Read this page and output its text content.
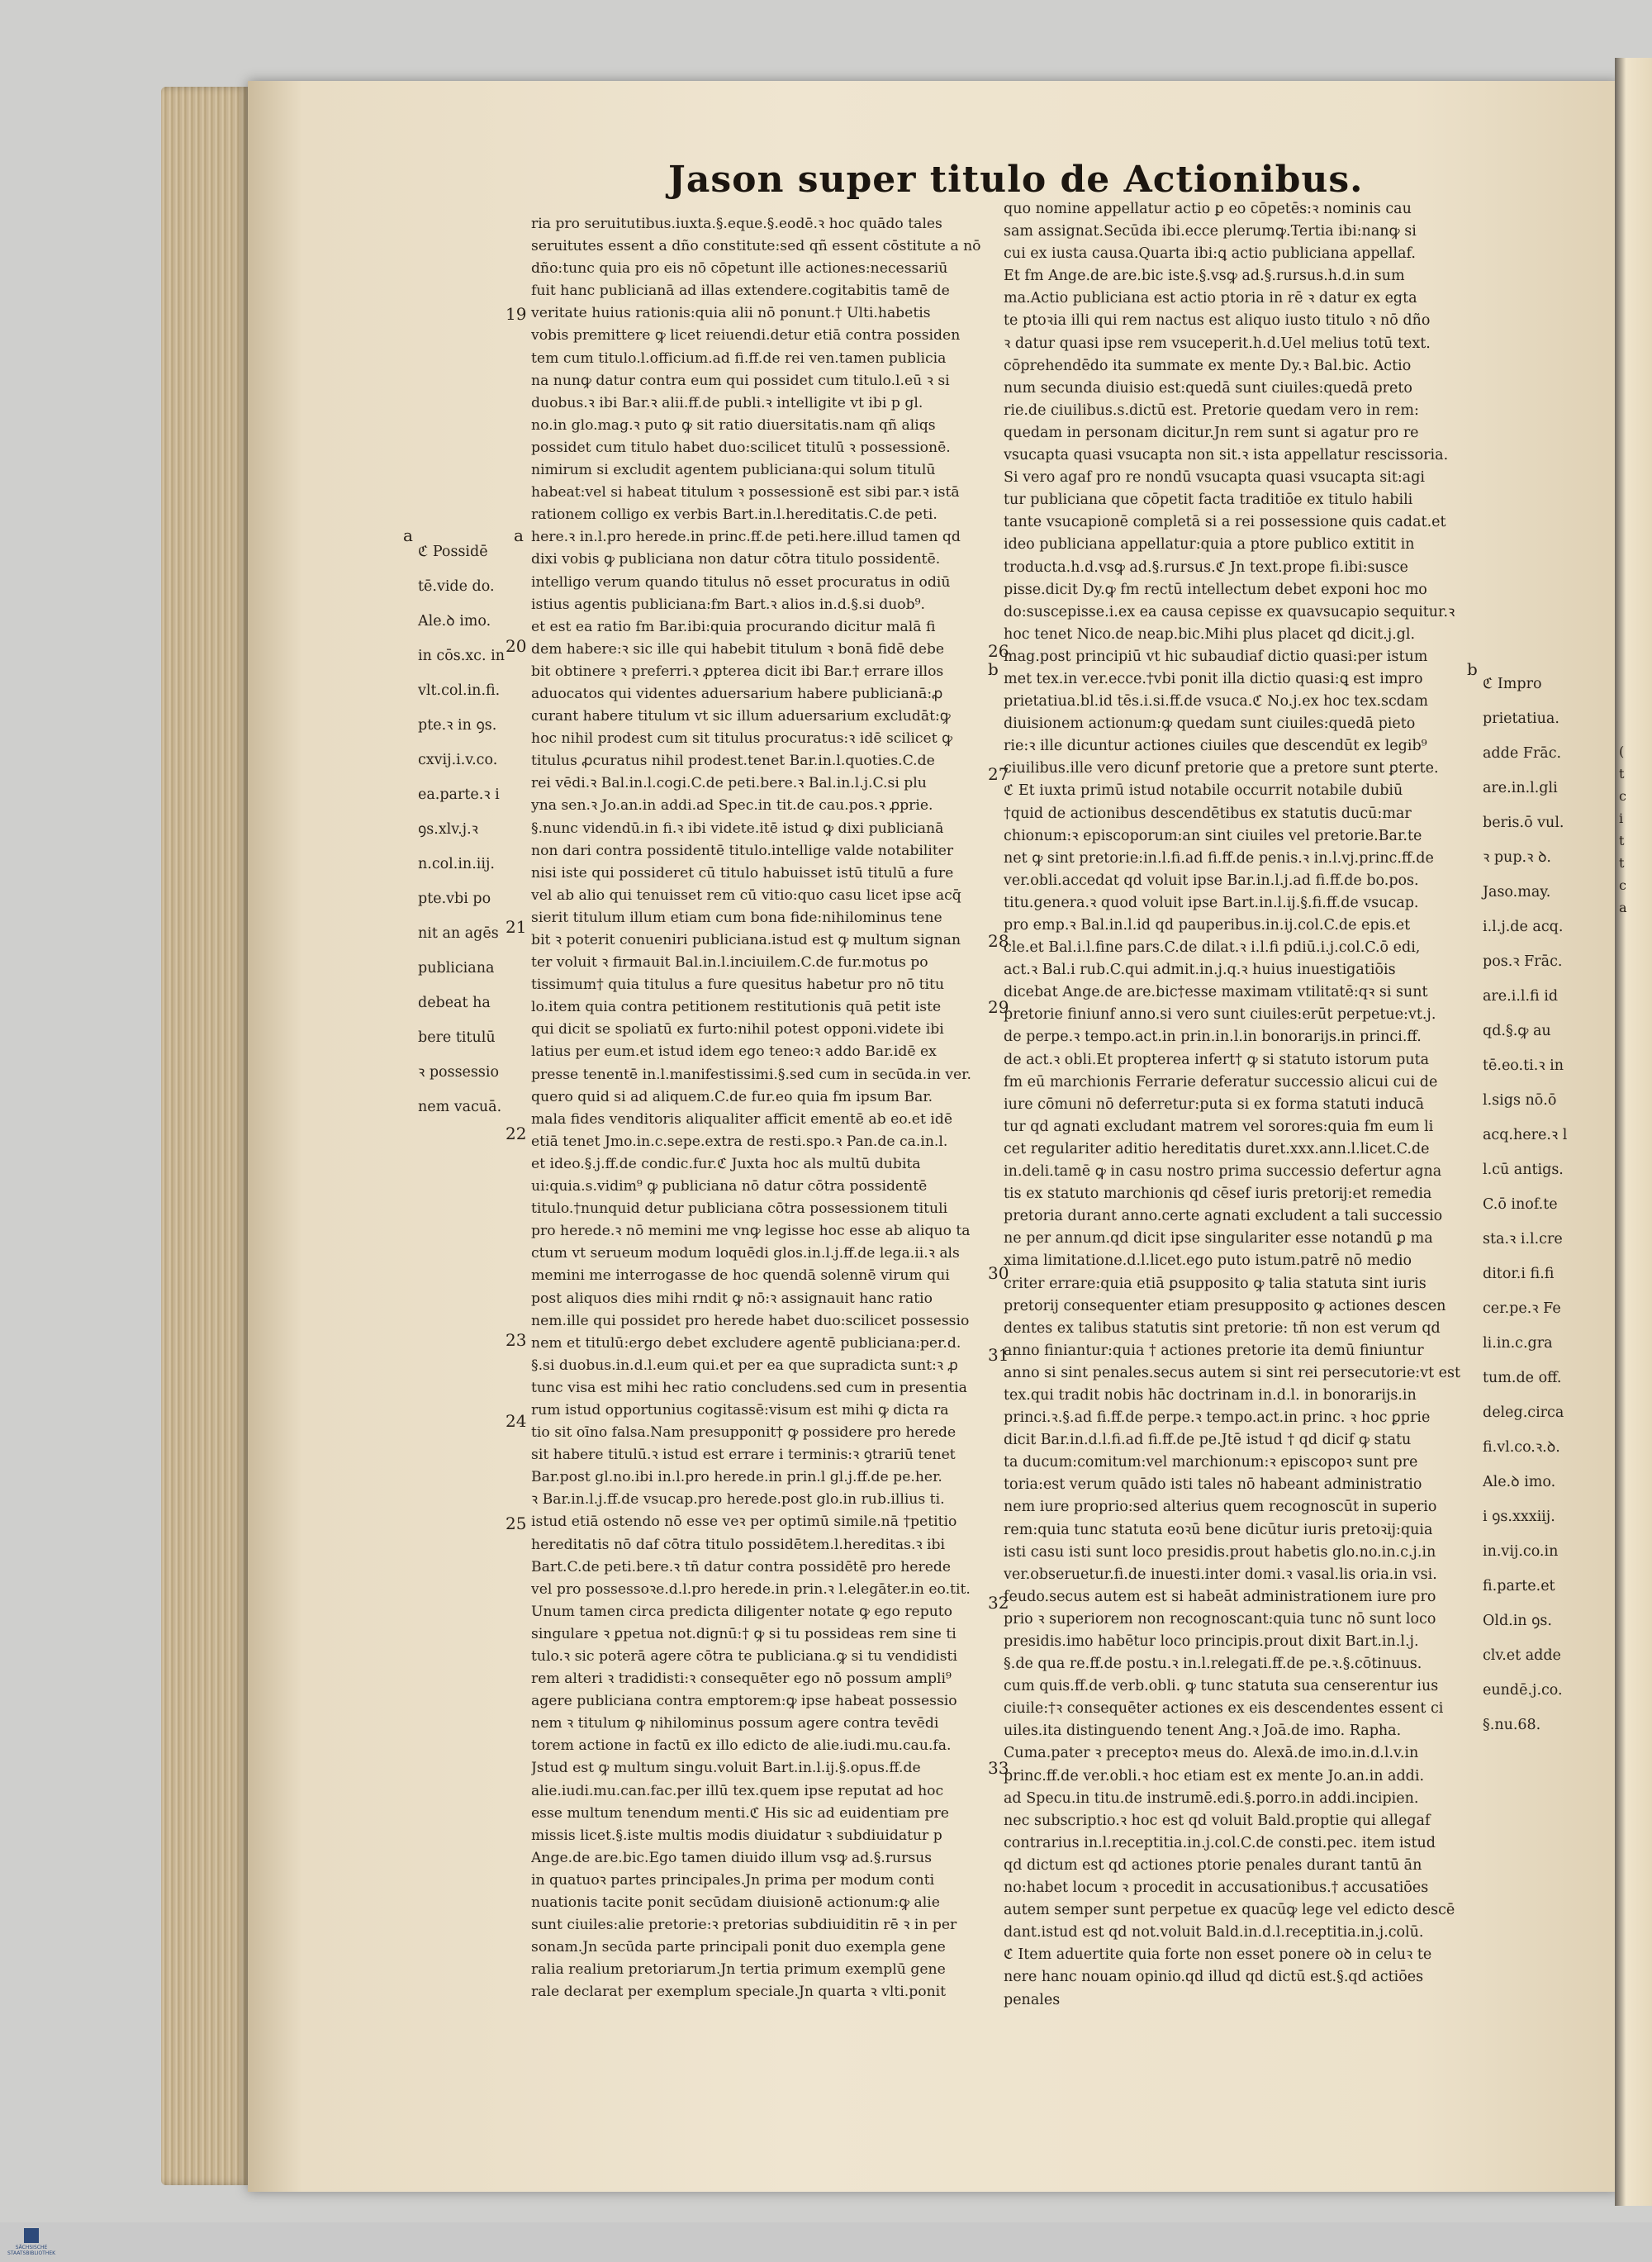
Jason super titulo de Actionibus.

ria pro seruitutibus.iuxta.§.eque.§.eodē.ꝛ hoc quādo tales

seruitutes essent a dño constitute:sed qñ essent cōstitute a nō

dño:tunc quia pro eis nō cōpetunt ille actiones:necessariū

fuit hanc publicianā ad illas extendere.cogitabitis tamē de

veritate huius rationis:quia alii nō ponunt.† Ulti.habetis

vobis premittere ꝙ licet reiuendi.detur etiā contra possiden

tem cum titulo.l.officium.ad fi.ff.de rei ven.tamen publicia

na nunꝙ datur contra eum qui possidet cum titulo.l.eū ꝛ si

duobus.ꝛ ibi Bar.ꝛ alii.ff.de publi.ꝛ intelligite vt ibi p gl.

no.in glo.mag.ꝛ puto ꝙ sit ratio diuersitatis.nam qñ aliqs

possidet cum titulo habet duo:scilicet titulū ꝛ possessionē.

nimirum si excludit agentem publiciana:qui solum titulū

habeat:vel si habeat titulum ꝛ possessionē est sibi par.ꝛ istā

rationem colligo ex verbis Bart.in.l.hereditatis.C.de peti.

here.ꝛ in.l.pro herede.in princ.ff.de peti.here.illud tamen qd

dixi vobis ꝙ publiciana non datur cōtra titulo possidentē.

intelligo verum quando titulus nō esset procuratus in odiū

istius agentis publiciana:fm Bart.ꝛ alios in.d.§.si duob⁹.

et est ea ratio fm Bar.ibi:quia procurando dicitur malā fi

dem habere:ꝛ sic ille qui habebit titulum ꝛ bonā fidē debe

bit obtinere ꝛ preferri.ꝛ ꝓpterea dicit ibi Bar.† errare illos

aduocatos qui videntes aduersarium habere publicianā:ꝓ

curant habere titulum vt sic illum aduersarium excludāt:ꝙ

hoc nihil prodest cum sit titulus procuratus:ꝛ idē scilicet ꝙ

titulus ꝓcuratus nihil prodest.tenet Bar.in.l.quoties.C.de

rei vēdi.ꝛ Bal.in.l.cogi.C.de peti.bere.ꝛ Bal.in.l.j.C.si plu

yna sen.ꝛ Jo.an.in addi.ad Spec.in tit.de cau.pos.ꝛ ꝓprie.

§.nunc videndū.in fi.ꝛ ibi videte.itē istud ꝙ dixi publicianā

non dari contra possidentē titulo.intellige valde notabiliter

nisi iste qui possideret cū titulo habuisset istū titulū a fure

vel ab alio qui tenuisset rem cū vitio:quo casu licet ipse acq̄

sierit titulum illum etiam cum bona fide:nihilominus tene

bit ꝛ poterit conueniri publiciana.istud est ꝙ multum signan

ter voluit ꝛ firmauit Bal.in.l.inciuilem.C.de fur.motus po

tissimum† quia titulus a fure quesitus habetur pro nō titu

lo.item quia contra petitionem restitutionis quā petit iste

qui dicit se spoliatū ex furto:nihil potest opponi.videte ibi

latius per eum.et istud idem ego teneo:ꝛ addo Bar.idē ex

presse tenentē in.l.manifestissimi.§.sed cum in secūda.in ver.

quero quid si ad aliquem.C.de fur.eo quia fm ipsum Bar.

mala fides venditoris aliqualiter afficit ementē ab eo.et idē

etiā tenet Jmo.in.c.sepe.extra de resti.spo.ꝛ Pan.de ca.in.l.

et ideo.§.j.ff.de condic.fur.ℭ Juxta hoc als multū dubita

ui:quia.s.vidim⁹ ꝙ publiciana nō datur cōtra possidentē

titulo.†nunquid detur publiciana cōtra possessionem tituli

pro herede.ꝛ nō memini me vnꝙ legisse hoc esse ab aliquo ta

ctum vt serueum modum loquēdi glos.in.l.j.ff.de lega.ii.ꝛ als

memini me interrogasse de hoc quendā solennē virum qui

post aliquos dies mihi rndit ꝙ nō:ꝛ assignauit hanc ratio

nem.ille qui possidet pro herede habet duo:scilicet possessio

nem et titulū:ergo debet excludere agentē publiciana:per.d.

§.si duobus.in.d.l.eum qui.et per ea que supradicta sunt:ꝛ ꝓ

tunc visa est mihi hec ratio concludens.sed cum in presentia

rum istud opportunius cogitassē:visum est mihi ꝙ dicta ra

tio sit oīno falsa.Nam presupponit† ꝙ possidere pro herede

sit habere titulū.ꝛ istud est errare i terminis:ꝛ ꝯtrariū tenet

Bar.post gl.no.ibi in.l.pro herede.in prin.l gl.j.ff.de pe.her.

ꝛ Bar.in.l.j.ff.de vsucap.pro herede.post glo.in rub.illius ti.

istud etiā ostendo nō esse veꝛ per optimū simile.nā †petitio

hereditatis nō daf cōtra titulo possidētem.l.hereditas.ꝛ ibi

Bart.C.de peti.bere.ꝛ tñ datur contra possidētē pro herede

vel pro possessoꝛe.d.l.pro herede.in prin.ꝛ l.elegāter.in eo.tit.

Unum tamen circa predicta diligenter notate ꝙ ego reputo

singulare ꝛ ꝑpetua not.dignū:† ꝙ si tu possideas rem sine ti

tulo.ꝛ sic poterā agere cōtra te publiciana.ꝙ si tu vendidisti

rem alteri ꝛ tradidisti:ꝛ consequēter ego nō possum ampli⁹

agere publiciana contra emptorem:ꝙ ipse habeat possessio

nem ꝛ titulum ꝙ nihilominus possum agere contra tevēdi

torem actione in factū ex illo edicto de alie.iudi.mu.cau.fa.

Jstud est ꝙ multum singu.voluit Bart.in.l.ij.§.opus.ff.de

alie.iudi.mu.can.fac.per illū tex.quem ipse reputat ad hoc

esse multum tenendum menti.ℭ His sic ad euidentiam pre

missis licet.§.iste multis modis diuidatur ꝛ subdiuidatur p

Ange.de are.bic.Ego tamen diuido illum vsꝙ ad.§.rursus

in quatuoꝛ partes principales.Jn prima per modum conti

nuationis tacite ponit secūdam diuisionē actionum:ꝙ alie

sunt ciuiles:alie pretorie:ꝛ pretorias subdiuiditin rē ꝛ in per

sonam.Jn secūda parte principali ponit duo exempla gene

ralia realium pretoriarum.Jn tertia primum exemplū gene

rale declarat per exemplum speciale.Jn quarta ꝛ vlti.ponit

quo nomine appellatur actio ꝑ eo cōpetēs:ꝛ nominis cau

sam assignat.Secūda ibi.ecce plerumꝙ.Tertia ibi:nanꝙ si

cui ex iusta causa.Quarta ibi:ꝗ actio publiciana appellaf.

Et fm Ange.de are.bic iste.§.vsꝙ ad.§.rursus.h.d.in sum

ma.Actio publiciana est actio ptoria in rē ꝛ datur ex egta

te ptoꝛia illi qui rem nactus est aliquo iusto titulo ꝛ nō dño

ꝛ datur quasi ipse rem vsuceperit.h.d.Uel melius totū text.

cōprehendēdo ita summate ex mente Dy.ꝛ Bal.bic. Actio

num secunda diuisio est:quedā sunt ciuiles:quedā preto

rie.de ciuilibus.s.dictū est. Pretorie quedam vero in rem:

quedam in personam dicitur.Jn rem sunt si agatur pro re

vsucapta quasi vsucapta non sit.ꝛ ista appellatur rescissoria.

Si vero agaf pro re nondū vsucapta quasi vsucapta sit:agi

tur publiciana que cōpetit facta traditiōe ex titulo habili

tante vsucapionē completā si a rei possessione quis cadat.et

ideo publiciana appellatur:quia a ptore publico extitit in

troducta.h.d.vsꝙ ad.§.rursus.ℭ Jn text.prope fi.ibi:susce

pisse.dicit Dy.ꝙ fm rectū intellectum debet exponi hoc mo

do:suscepisse.i.ex ea causa cepisse ex quavsucapio sequitur.ꝛ

hoc tenet Nico.de neap.bic.Mihi plus placet qd dicit.j.gl.

mag.post principiū vt hic subaudiaf dictio quasi:per istum

met tex.in ver.ecce.†vbi ponit illa dictio quasi:ꝗ est impro

prietatiua.bl.id tēs.i.si.ff.de vsuca.ℭ No.j.ex hoc tex.scdam

diuisionem actionum:ꝙ quedam sunt ciuiles:quedā pieto

rie:ꝛ ille dicuntur actiones ciuiles que descendūt ex legib⁹

ciuilibus.ille vero dicunf pretorie que a pretore sunt ꝑterte.

ℭ Et iuxta primū istud notabile occurrit notabile dubiū

†quid de actionibus descendētibus ex statutis ducū:mar

chionum:ꝛ episcoporum:an sint ciuiles vel pretorie.Bar.te

net ꝙ sint pretorie:in.l.fi.ad fi.ff.de penis.ꝛ in.l.vj.princ.ff.de

ver.obli.accedat qd voluit ipse Bar.in.l.j.ad fi.ff.de bo.pos.

titu.genera.ꝛ quod voluit ipse Bart.in.l.ij.§.fi.ff.de vsucap.

pro emp.ꝛ Bal.in.l.id qd pauperibus.in.ij.col.C.de epis.et

cle.et Bal.i.l.fine pars.C.de dilat.ꝛ i.l.fi pdiū.i.j.col.C.ō edi,

act.ꝛ Bal.i rub.C.qui admit.in.j.q.ꝛ huius inuestigatiōis

dicebat Ange.de are.bic†esse maximam vtilitatē:qꝛ si sunt

pretorie finiunf anno.si vero sunt ciuiles:erūt perpetue:vt.j.

de perpe.ꝛ tempo.act.in prin.in.l.in bonorarijs.in princi.ff.

de act.ꝛ obli.Et propterea infert† ꝙ si statuto istorum puta

fm eū marchionis Ferrarie deferatur successio alicui cui de

iure cōmuni nō deferretur:puta si ex forma statuti inducā

tur qd agnati excludant matrem vel sorores:quia fm eum li

cet regulariter aditio hereditatis duret.xxx.ann.l.licet.C.de

in.deli.tamē ꝙ in casu nostro prima successio defertur agna

tis ex statuto marchionis qd cēsef iuris pretorij:et remedia

pretoria durant anno.certe agnati excludent a tali successio

ne per annum.qd dicit ipse singulariter esse notandū ꝑ ma

xima limitatione.d.l.licet.ego puto istum.patrē nō medio

criter errare:quia etiā ꝑsupposito ꝙ talia statuta sint iuris

pretorij consequenter etiam presupposito ꝙ actiones descen

dentes ex talibus statutis sint pretorie: tñ non est verum qd

anno finiantur:quia † actiones pretorie ita demū finiuntur

anno si sint penales.secus autem si sint rei persecutorie:vt est

tex.qui tradit nobis hāc doctrinam in.d.l. in bonorarijs.in

princi.ꝛ.§.ad fi.ff.de perpe.ꝛ tempo.act.in princ. ꝛ hoc ꝑprie

dicit Bar.in.d.l.fi.ad fi.ff.de pe.Jtē istud † qd dicif ꝙ statu

ta ducum:comitum:vel marchionum:ꝛ episcopoꝛ sunt pre

toria:est verum quādo isti tales nō habeant administratio

nem iure proprio:sed alterius quem recognoscūt in superio

rem:quia tunc statuta eoꝛū bene dicūtur iuris pretoꝛij:quia

isti casu isti sunt loco presidis.prout habetis glo.no.in.c.j.in

ver.obseruetur.fi.de inuesti.inter domi.ꝛ vasal.lis oria.in vsi.

feudo.secus autem est si habeāt administrationem iure pro

prio ꝛ superiorem non recognoscant:quia tunc nō sunt loco

presidis.imo habētur loco principis.prout dixit Bart.in.l.j.

§.de qua re.ff.de postu.ꝛ in.l.relegati.ff.de pe.ꝛ.§.cōtinuus.

cum quis.ff.de verb.obli. ꝙ tunc statuta sua censerentur ius

ciuile:†ꝛ consequēter actiones ex eis descendentes essent ci

uiles.ita distinguendo tenent Ang.ꝛ Joā.de imo. Rapha.

Cuma.pater ꝛ preceptoꝛ meus do. Alexā.de imo.in.d.l.v.in

princ.ff.de ver.obli.ꝛ hoc etiam est ex mente Jo.an.in addi.

ad Specu.in titu.de instrumē.edi.§.porro.in addi.incipien.

nec subscriptio.ꝛ hoc est qd voluit Bald.proptie qui allegaf

contrarius in.l.receptitia.in.j.col.C.de consti.pec. item istud

qd dictum est qd actiones ptorie penales durant tantū ān

no:habet locum ꝛ procedit in accusationibus.† accusatiōes

autem semper sunt perpetue ex quacūꝙ lege vel edicto descē

dant.istud est qd not.voluit Bald.in.d.l.receptitia.in.j.colū.

ℭ Item aduertite quia forte non esset ponere oꝺ in celuꝛ te

nere hanc nouam opinio.qd illud qd dictū est.§.qd actiōes

penales

19
20
21
22
23
24
25
26
27
28
29
30
31
32
33
a	a
b	b

ℭ Possidē

tē.vide do.

Ale.ꝺ imo.

in cōs.xc. in

vlt.col.in.fi.

pte.ꝛ in ꝯs.

cxvij.i.v.co.

ea.parte.ꝛ i

ꝯs.xlv.j.ꝛ

n.col.in.iij.

pte.vbi po

nit an agēs

publiciana

debeat ha

bere titulū

ꝛ possessio

nem vacuā.

ℭ Impro

prietatiua.

adde Frāc.

are.in.l.gli

beris.ō vul.

ꝛ pup.ꝛ ꝺ.

Jaso.may.

i.l.j.de acq.

pos.ꝛ Frāc.

are.i.l.fi id

qd.§.ꝙ au

tē.eo.ti.ꝛ in

l.sigs nō.ō

acq.here.ꝛ l

l.cū antigs.

C.ō inof.te

sta.ꝛ i.l.cre

ditor.i fi.fi

cer.pe.ꝛ Fe

li.in.c.gra

tum.de off.

deleg.circa

fi.vl.co.ꝛ.ꝺ.

Ale.ꝺ imo.

i ꝯs.xxxiij.

in.vij.co.in

fi.parte.et

Old.in ꝯs.

clv.et adde

eundē.j.co.

§.nu.68.

(
t
c
i
t
t
c
a
SÄCHSISCHE
STAATSBIBLIOTHEK
